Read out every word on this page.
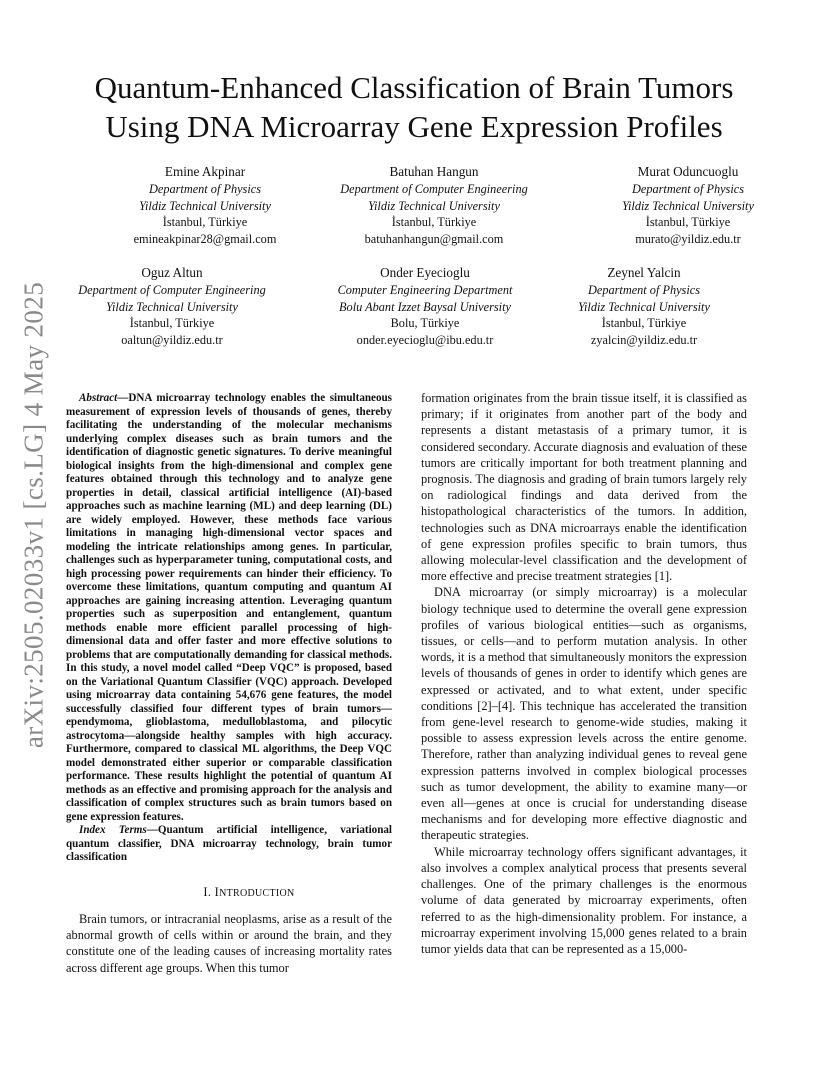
arXiv:2505.02033v1 [cs.LG] 4 May 2025
Quantum-Enhanced Classification of Brain Tumors
Using DNA Microarray Gene Expression Profiles
Emine Akpinar
Department of Physics
Yildiz Technical University
İstanbul, Türkiye
emineakpinar28@gmail.com
Batuhan Hangun
Department of Computer Engineering
Yildiz Technical University
İstanbul, Türkiye
batuhanhangun@gmail.com
Murat Oduncuoglu
Department of Physics
Yildiz Technical University
İstanbul, Türkiye
murato@yildiz.edu.tr
Oguz Altun
Department of Computer Engineering
Yildiz Technical University
İstanbul, Türkiye
oaltun@yildiz.edu.tr
Onder Eyecioglu
Computer Engineering Department
Bolu Abant Izzet Baysal University
Bolu, Türkiye
onder.eyecioglu@ibu.edu.tr
Zeynel Yalcin
Department of Physics
Yildiz Technical University
İstanbul, Türkiye
zyalcin@yildiz.edu.tr

Abstract—DNA microarray technology enables the simultaneous measurement of expression levels of thousands of genes, thereby facilitating the understanding of the molecular mechanisms underlying complex diseases such as brain tumors and the identification of diagnostic genetic signatures. To derive meaningful biological insights from the high-dimensional and complex gene features obtained through this technology and to analyze gene properties in detail, classical artificial intelligence (AI)-based approaches such as machine learning (ML) and deep learning (DL) are widely employed. However, these methods face various limitations in managing high-dimensional vector spaces and modeling the intricate relationships among genes. In particular, challenges such as hyperparameter tuning, computational costs, and high processing power requirements can hinder their efficiency. To overcome these limitations, quantum computing and quantum AI approaches are gaining increasing attention. Leveraging quantum properties such as superposition and entanglement, quantum methods enable more efficient parallel processing of high-dimensional data and offer faster and more effective solutions to problems that are computationally demanding for classical methods. In this study, a novel model called “Deep VQC” is proposed, based on the Variational Quantum Classifier (VQC) approach. Developed using microarray data containing 54,676 gene features, the model successfully classified four different types of brain tumors—ependymoma, glioblastoma, medulloblastoma, and pilocytic astrocytoma—alongside healthy samples with high accuracy. Furthermore, compared to classical ML algorithms, the Deep VQC model demonstrated either superior or comparable classification performance. These results highlight the potential of quantum AI methods as an effective and promising approach for the analysis and classification of complex structures such as brain tumors based on gene expression features.

Index Terms—Quantum artificial intelligence, variational quantum classifier, DNA microarray technology, brain tumor classification

I. INTRODUCTION

Brain tumors, or intracranial neoplasms, arise as a result of the abnormal growth of cells within or around the brain, and they constitute one of the leading causes of increasing mortality rates across different age groups. When this tumor

formation originates from the brain tissue itself, it is classified as primary; if it originates from another part of the body and represents a distant metastasis of a primary tumor, it is considered secondary. Accurate diagnosis and evaluation of these tumors are critically important for both treatment planning and prognosis. The diagnosis and grading of brain tumors largely rely on radiological findings and data derived from the histopathological characteristics of the tumors. In addition, technologies such as DNA microarrays enable the identification of gene expression profiles specific to brain tumors, thus allowing molecular-level classification and the development of more effective and precise treatment strategies [1].

DNA microarray (or simply microarray) is a molecular biology technique used to determine the overall gene expression profiles of various biological entities—such as organisms, tissues, or cells—and to perform mutation analysis. In other words, it is a method that simultaneously monitors the expression levels of thousands of genes in order to identify which genes are expressed or activated, and to what extent, under specific conditions [2]–[4]. This technique has accelerated the transition from gene-level research to genome-wide studies, making it possible to assess expression levels across the entire genome. Therefore, rather than analyzing individual genes to reveal gene expression patterns involved in complex biological processes such as tumor development, the ability to examine many—or even all—genes at once is crucial for understanding disease mechanisms and for developing more effective diagnostic and therapeutic strategies.

While microarray technology offers significant advantages, it also involves a complex analytical process that presents several challenges. One of the primary challenges is the enormous volume of data generated by microarray experiments, often referred to as the high-dimensionality problem. For instance, a microarray experiment involving 15,000 genes related to a brain tumor yields data that can be represented as a 15,000-
